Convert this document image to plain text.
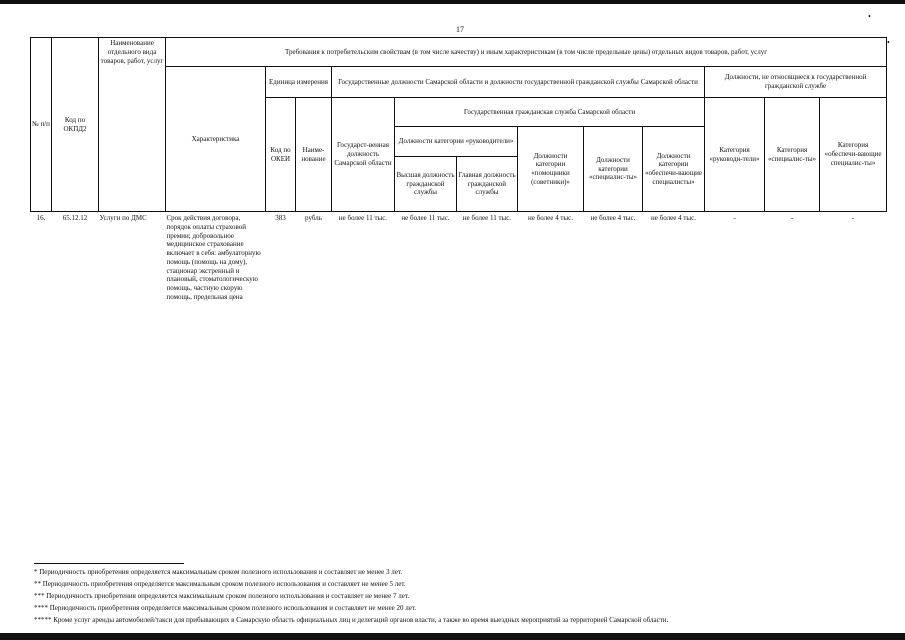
17
•
•
№ п/п	Код по ОКПД2	Наименование отдельного вида товаров, работ, услуг	Требования к потребительским свойствам (в том числе качеству) и иным характеристикам (в том числе предельные цены) отдельных видов товаров, работ, услуг											
			Характеристика	Единица измерения		Государственные должности Самарской области и должности государственной гражданской службы Самарской области						Должности, не относящиеся к государственной гражданской службе		
				Код по ОКЕИ	Наиме-нование	Государст-венная должность Самарской области	Государственная гражданская служба Самарской области					Категория «руководи-тели»	Категория «специалис-ты»	Категория «обеспечи-вающие специалис-ты»
							Должности категории «руководители»		Должности категории «помощники (советники)»	Должности категории «специалис-ты»	Должности категории «обеспечи-вающие специалисты»			
							Высшая должность гражданской службы	Главная должность гражданской службы						
16.	65.12.12	Услуги по ДМС	Срок действия договора, порядок оплаты страховой премии; добровольное медицинское страхование включает в себя: амбулаторную помощь (помощь на дому), стационар экстренный и плановый, стоматологическую помощь, частную скорую помощь, предельная цена	383	рубль	не более 11 тыс.	не более 11 тыс.	не более 11 тыс.	не более 4 тыс.	не более 4 тыс.	не более 4 тыс.	-	-	-
* Периодичность приобретения определяется максимальным сроком полезного использования и составляет не менее 3 лет.
** Периодичность приобретения определяется максимальным сроком полезного использования и составляет не менее 5 лет.
*** Периодичность приобретения определяется максимальным сроком полезного использования и составляет не менее 7 лет.
**** Периодичность приобретения определяется максимальным сроком полезного использования и составляет не менее 20 лет.
***** Кроме услуг аренды автомобилей/такси для прибывающих в Самарскую область официальных лиц и делегаций органов власти, а также во время выездных мероприятий за территорией Самарской области.
